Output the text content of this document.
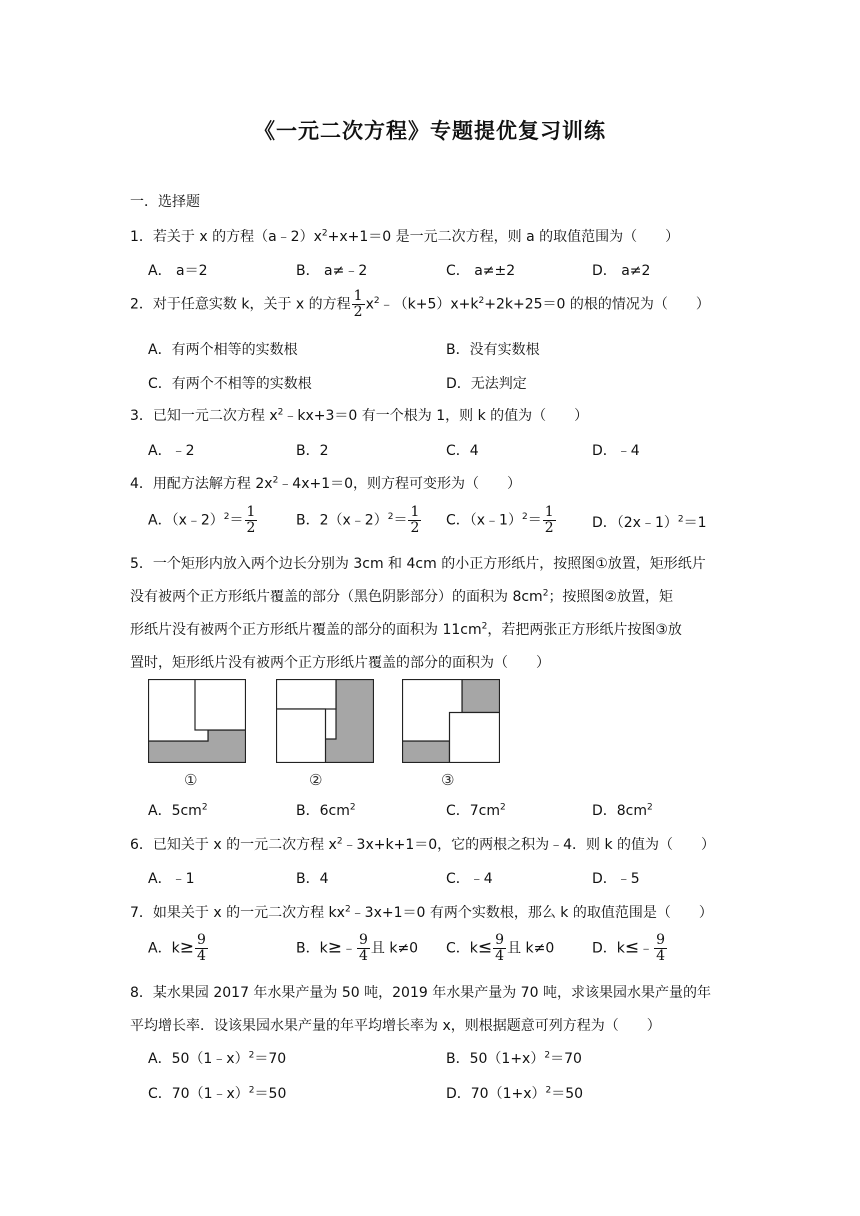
《一元二次方程》专题提优复习训练
一．选择题
1．若关于 x 的方程$(a﹣2)x^2+x+1=0$ 是一元二次方程，则 a 的取值范围为（　　）
A． a＝2	B． a≠﹣2	C． a≠±2	D． a≠2
2．对于任意实数 k，关于 x 的方程 $\frac{1}{2}$ $x^2﹣(k+5)x+k^2+2k+25=0$ 的根的情况为（　　）
A．有两个相等的实数根	B．没有实数根
C．有两个不相等的实数根	D．无法判定
3．已知一元二次方程 $x^2﹣kx+3=0$ 有一个根为 1，则 k 的值为（　　）
A．﹣2	B．2	C．4	D．﹣4
4．用配方法解方程 $2x^2﹣4x+1=0$，则方程可变形为（　　）
A．（x﹣2）$^2$＝ $\frac{1}{2}$	B．2（x﹣2）$^2$＝ $\frac{1}{2}$ C．（x﹣1）$^2$＝ $\frac{1}{2}$	D．（2x﹣1）$^2$＝1
5．一个矩形内放入两个边长分别为 3cm 和 4cm 的小正方形纸片，按照图①放置，矩形纸片
没有被两个正方形纸片覆盖的部分（黑色阴影部分）的面积为 $8cm^2$；按照图②放置，矩
形纸片没有被两个正方形纸片覆盖的部分的面积为 $11cm^2$，若把两张正方形纸片按图③放
置时，矩形纸片没有被两个正方形纸片覆盖的部分的面积为（　　）
①	②	③
A．$5cm^2$	B．$6cm^2$	C．$7cm^2$	D．$8cm^2$
6．已知关于 x 的一元二次方程 $x^2﹣3x+k+1=0$，它的两根之积为﹣4．则 k 的值为（　　）
A．﹣1	B．4	C．﹣4	D．﹣5
7．如果关于 x 的一元二次方程 $kx^2﹣3x+1=0$ 有两个实数根，那么 k 的取值范围是（　　）
A．$k\ge \frac{9}{4}$	B．k≥﹣ $\frac{9}{4}$ 且 k≠0 C．$k\le \frac{9}{4}$ 且 k≠0	D．k≤﹣ $\frac{9}{4}$
8．某水果园 2017 年水果产量为 50 吨，2019 年水果产量为 70 吨，求该果园水果产量的年
平均增长率．设该果园水果产量的年平均增长率为 x，则根据题意可列方程为（　　）
A．50（1﹣x）$^2$＝70	B．$50(1+x)^2=70$
C．70（1﹣x）$^2$＝50	D．$70(1+x)^2=50$
